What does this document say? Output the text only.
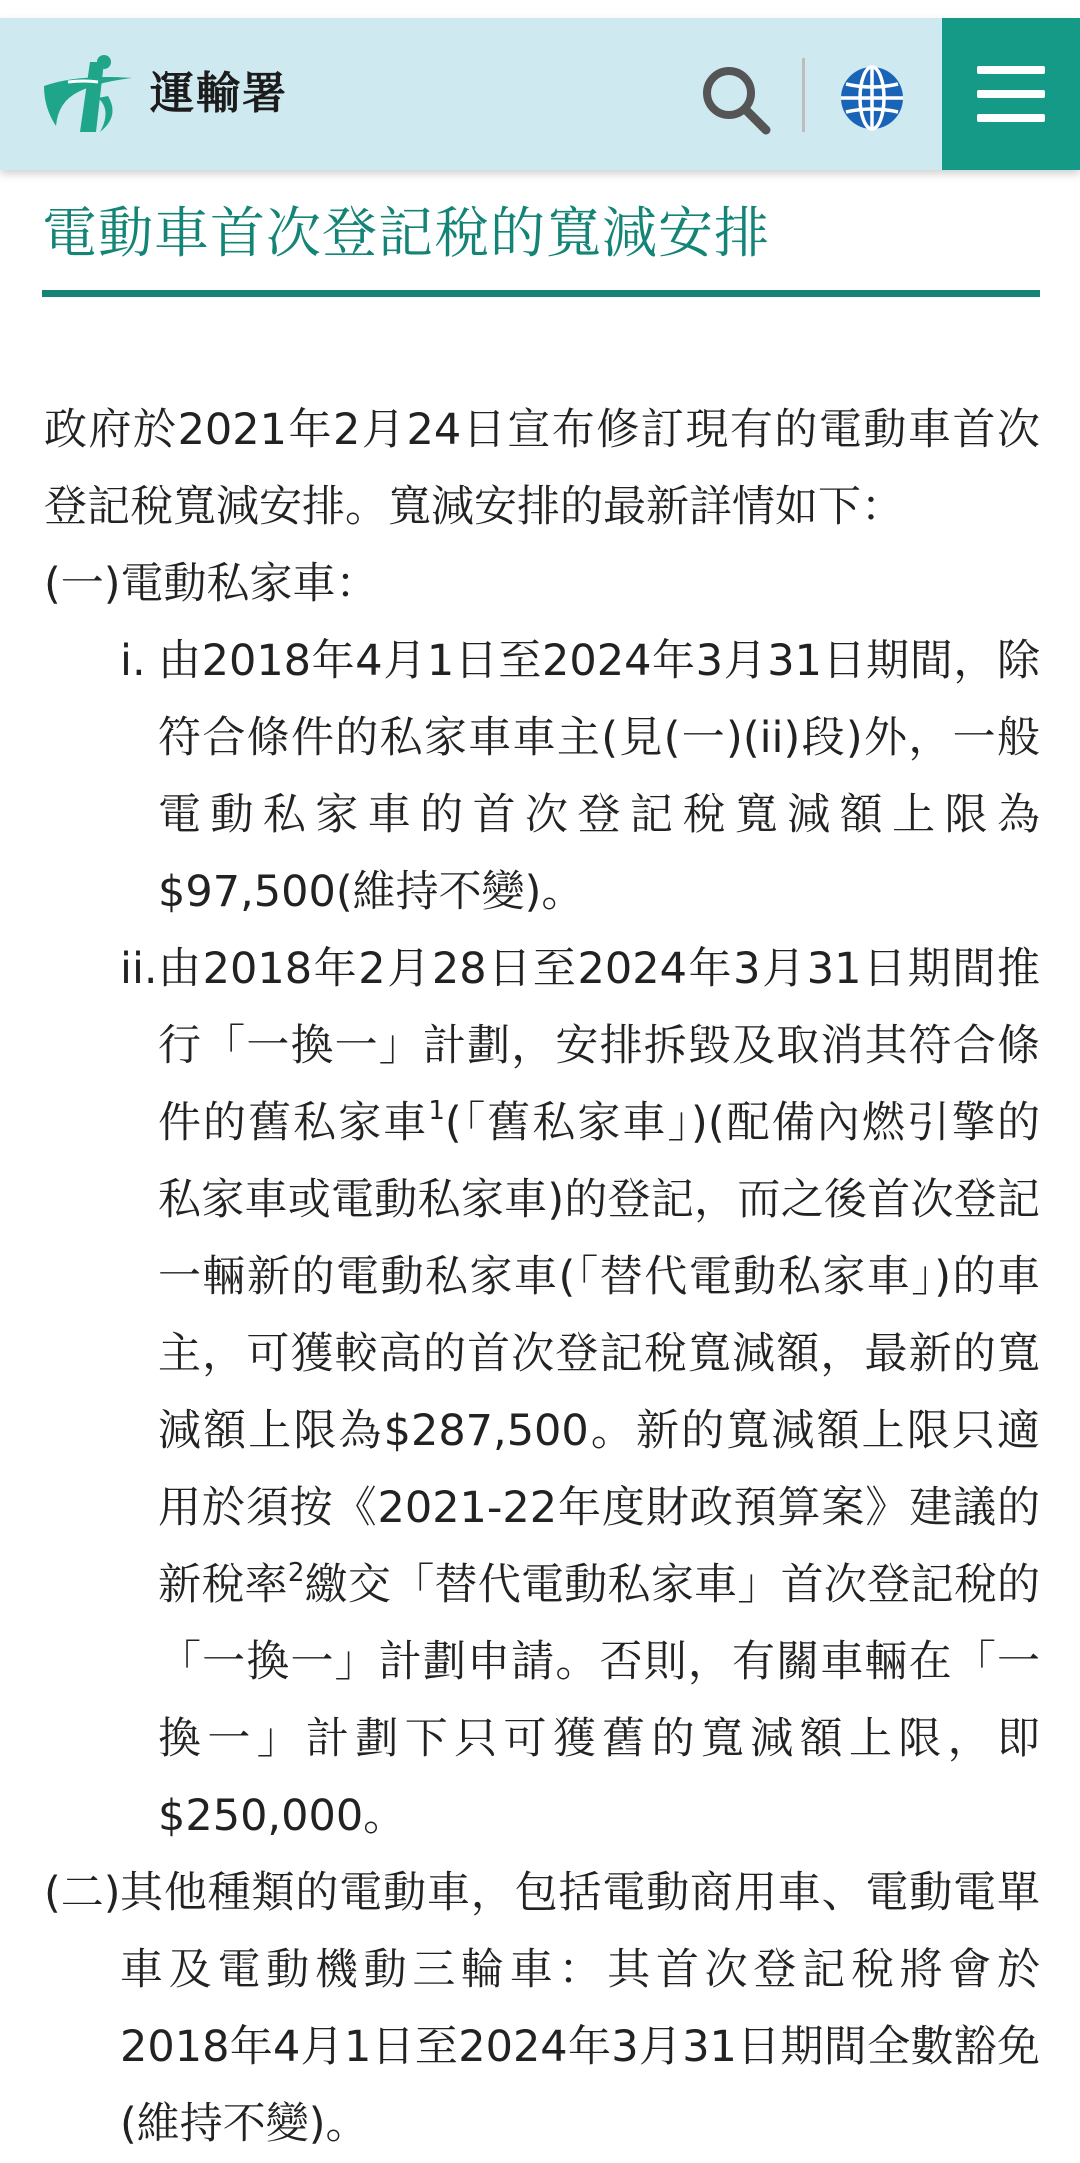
運輸署
電動車首次登記稅的寬減安排

政府於2021年2月24日宣布修訂現有的電動車首次登記稅寬減安排。寬減安排的最新詳情如下：

(一)電動私家車：

i. 由2018年4月1日至2024年3月31日期間，除符合條件的私家車車主(見(一)(ii)段)外，一般電動私家車的首次登記稅寬減額上限為$97,500(維持不變)。
ii. 由2018年2月28日至2024年3月31日期間推行「一換一」計劃，安排拆毀及取消其符合條件的舊私家車$^1$(「舊私家車」)(配備內燃引擎的私家車或電動私家車)的登記，而之後首次登記一輛新的電動私家車(「替代電動私家車」)的車主，可獲較高的首次登記稅寬減額，最新的寬減額上限為$287,500。新的寬減額上限只適用於須按《2021-22年度財政預算案》建議的新稅率$^2$繳交「替代電動私家車」首次登記稅的「一換一」計劃申請。否則，有關車輛在「一換一」計劃下只可獲舊的寬減額上限，即$250,000。
(二) 其他種類的電動車，包括電動商用車、電動電單車及電動機動三輪車：其首次登記稅將會於2018年4月1日至2024年3月31日期間全數豁免(維持不變)。
